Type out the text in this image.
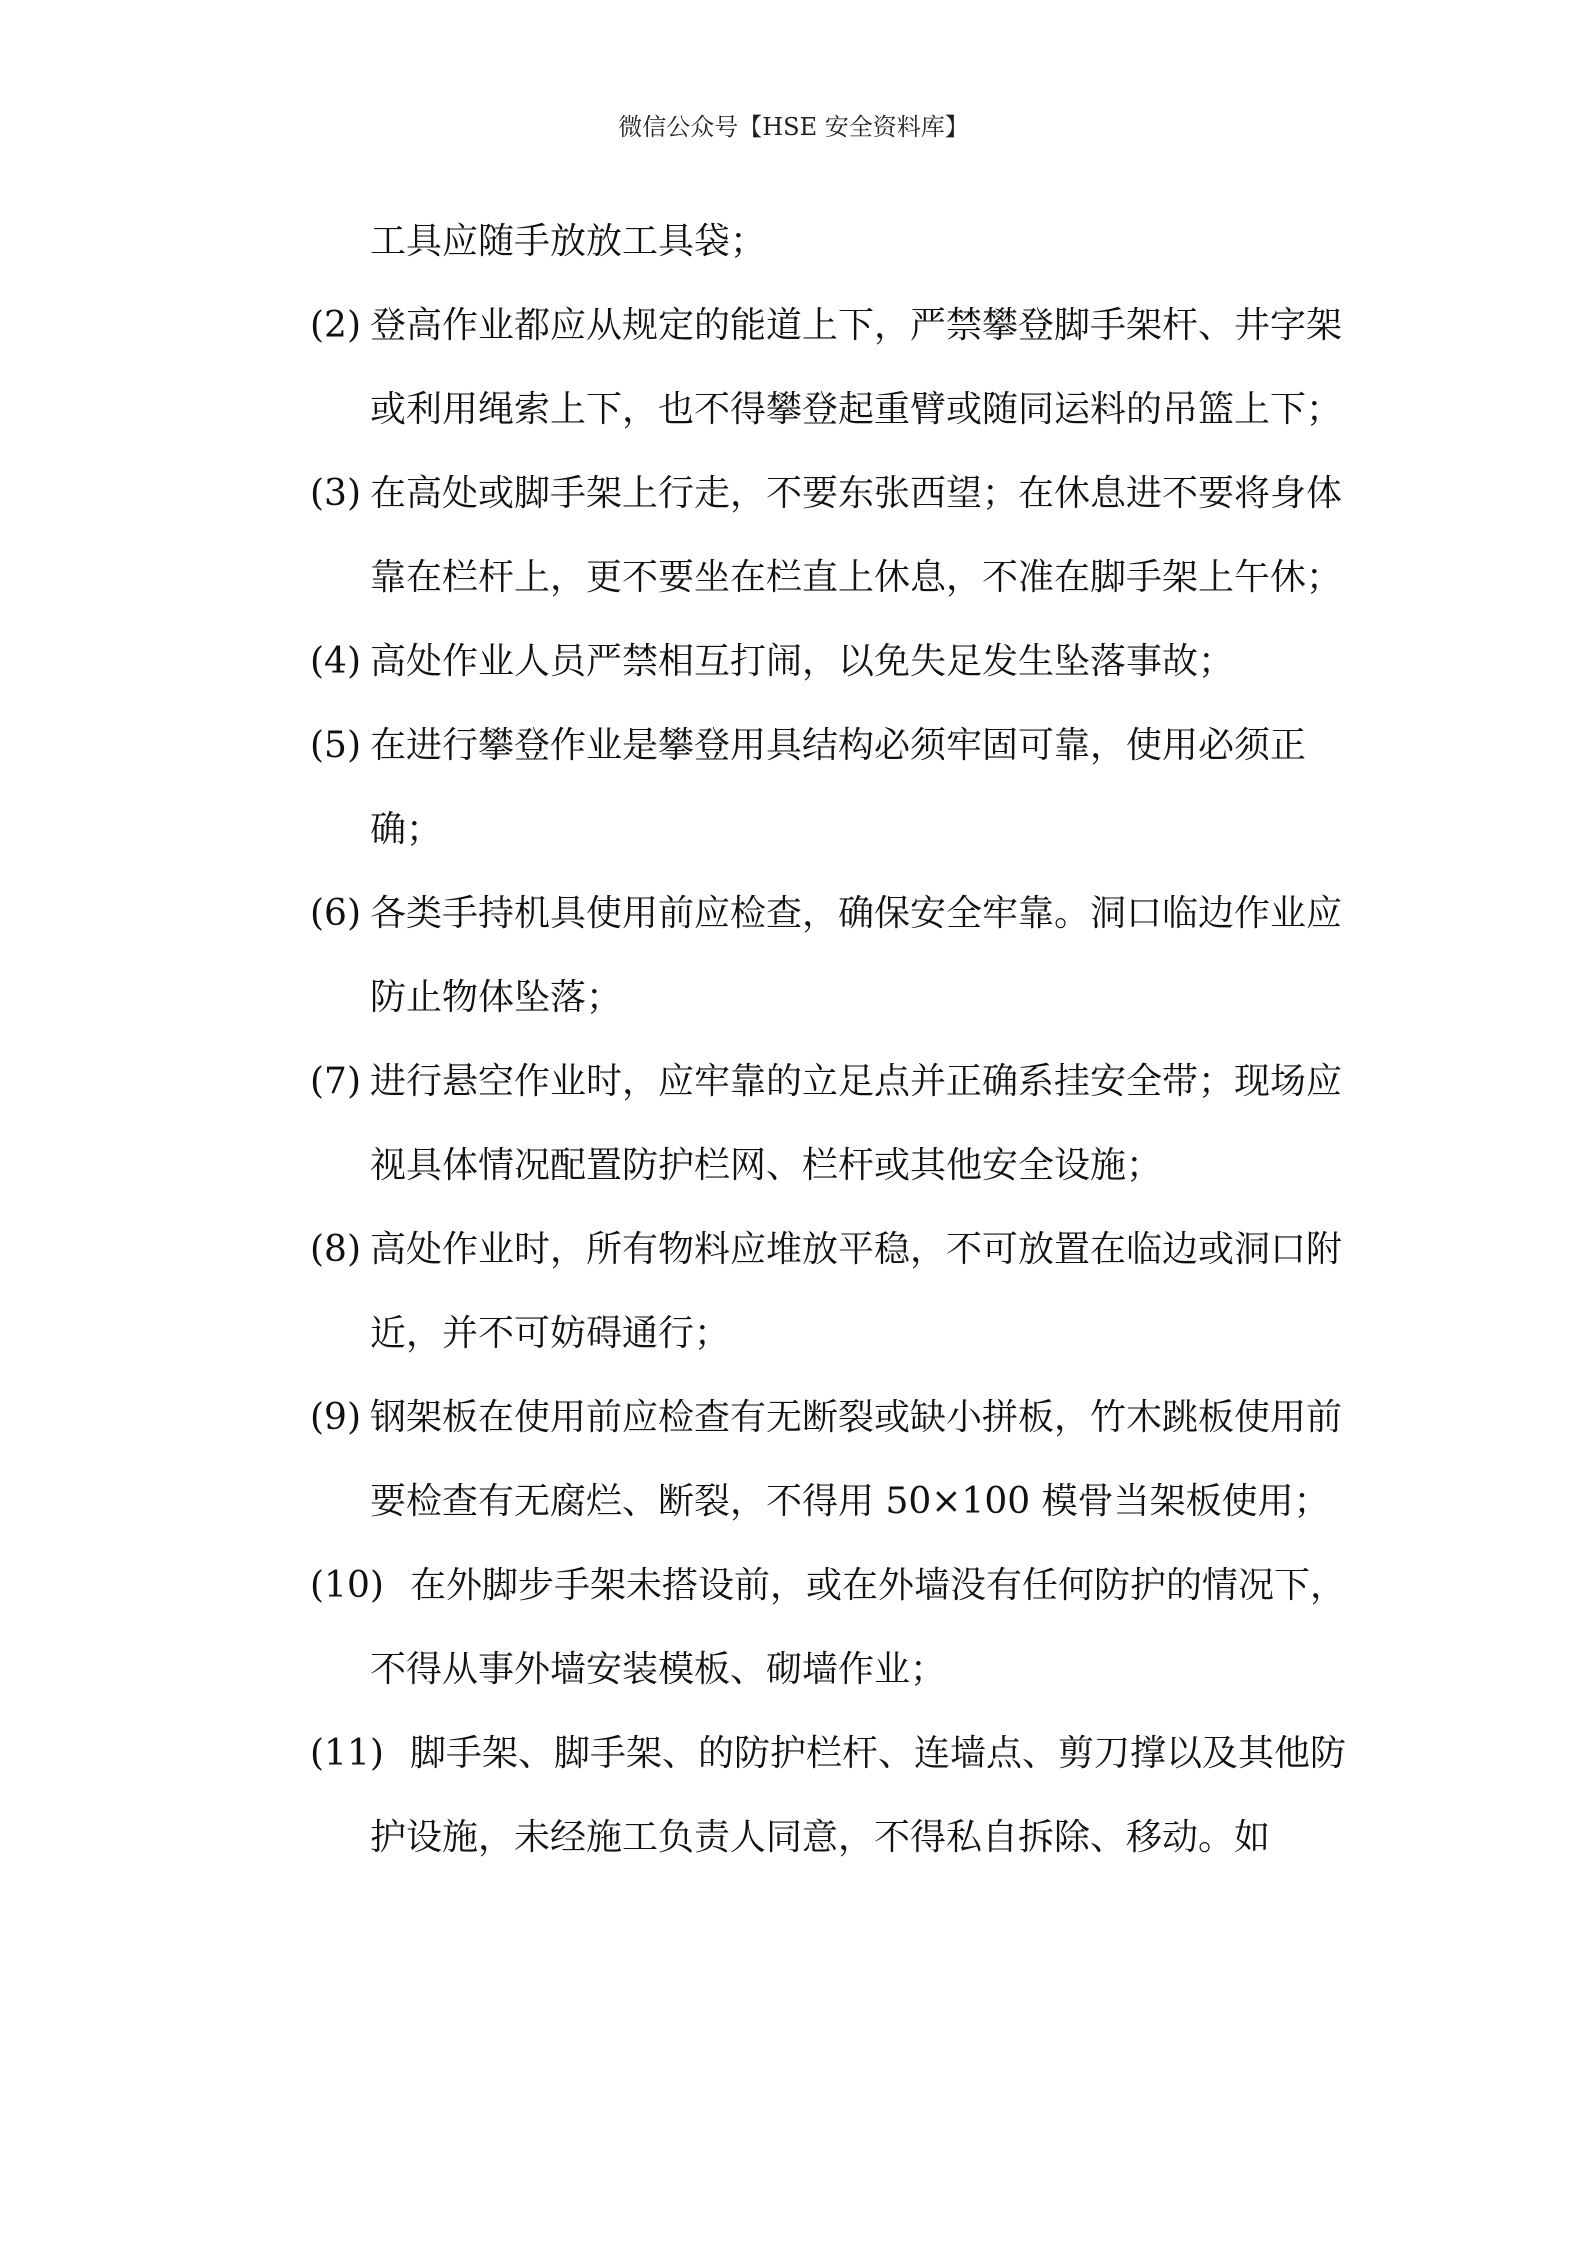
微信公众号【HSE 安全资料库】
工具应随手放放工具袋；
(2) 登高作业都应从规定的能道上下，严禁攀登脚手架杆、井字架或利用绳索上下，也不得攀登起重臂或随同运料的吊篮上下；
(3) 在高处或脚手架上行走，不要东张西望；在休息进不要将身体靠在栏杆上，更不要坐在栏直上休息，不准在脚手架上午休；
(4) 高处作业人员严禁相互打闹，以免失足发生坠落事故；
(5) 在进行攀登作业是攀登用具结构必须牢固可靠，使用必须正确；
(6) 各类手持机具使用前应检查，确保安全牢靠。洞口临边作业应防止物体坠落；
(7) 进行悬空作业时，应牢靠的立足点并正确系挂安全带；现场应视具体情况配置防护栏网、栏杆或其他安全设施；
(8) 高处作业时，所有物料应堆放平稳，不可放置在临边或洞口附近，并不可妨碍通行；
(9) 钢架板在使用前应检查有无断裂或缺小拼板，竹木跳板使用前要检查有无腐烂、断裂，不得用 50×100 模骨当架板使用；
(10) 在外脚步手架未搭设前，或在外墙没有任何防护的情况下，不得从事外墙安装模板、砌墙作业；
(11) 脚手架、脚手架、的防护栏杆、连墙点、剪刀撑以及其他防护设施，未经施工负责人同意，不得私自拆除、移动。如
